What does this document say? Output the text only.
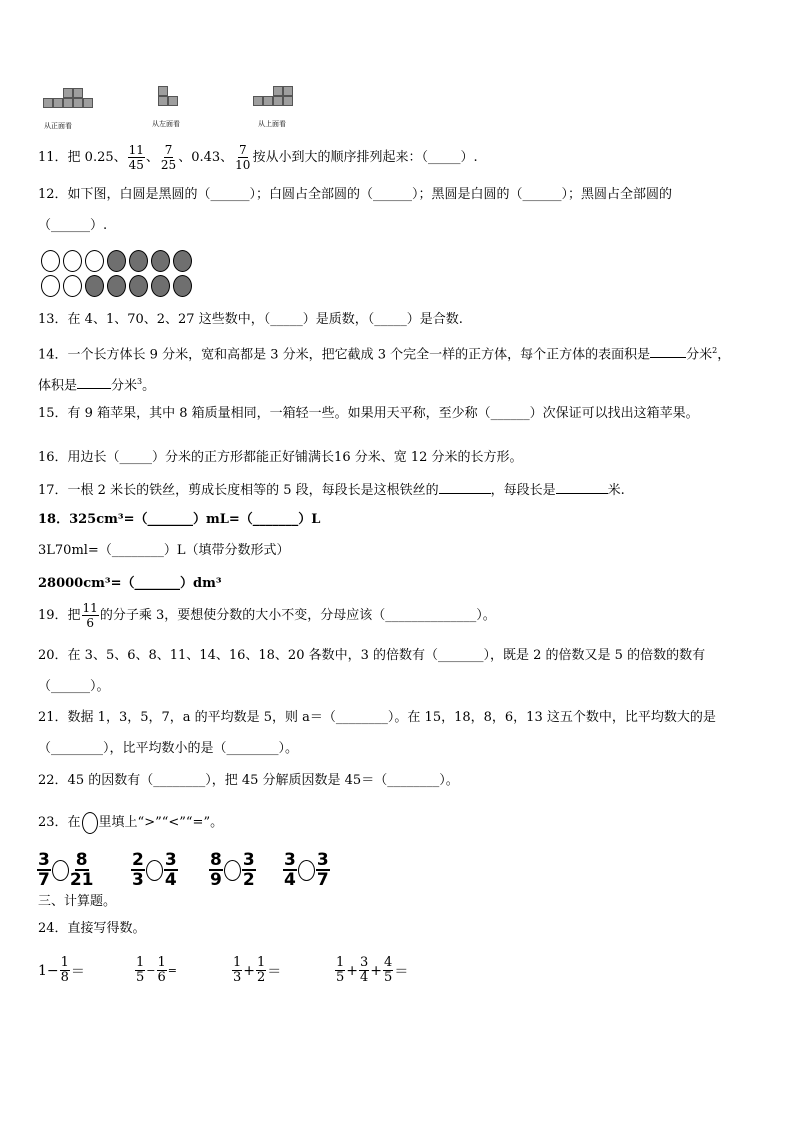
从正面看	从左面看	从上面看
11．把 0.25、 $\frac{11}{45}$ 、 $\frac{7}{25}$ 、0.43、 $\frac{7}{10}$ 按从小到大的顺序排列起来：（_____）.
12．如下图，白圆是黑圆的（______）；白圆占全部圆的（______）；黑圆是白圆的（______）；黑圆占全部圆的
（______）.
13．在 4、1、70、2、27 这些数中，（_____）是质数，（_____）是合数.
14．一个长方体长 9 分米，宽和高都是 3 分米，把它截成 3 个完全一样的正方体，每个正方体的表面积是	分米$^2$，
体积是	分米$^3$。
15．有 9 箱苹果，其中 8 箱质量相同，一箱轻一些。如果用天平称，至少称（______）次保证可以找出这箱苹果。
16．用边长（_____）分米的正方形都能正好铺满长16 分米、宽 12 分米的长方形。
17．一根 2 米长的铁丝，剪成长度相等的 5 段，每段长是这根铁丝的	，每段长是	米.
18．325cm³=（_______）mL=（_______）L
3L70ml=（________）L（填带分数形式）
28000cm³=（_______）dm³
19．把 $\frac{11}{6}$ 的分子乘 3，要想使分数的大小不变，分母应该（______________）。
20．在 3、5、6、8、11、14、16、18、20 各数中，3 的倍数有（_______），既是 2 的倍数又是 5 的倍数的数有
（______）。
21．数据 1，3，5，7，a 的平均数是 5，则 a＝（________）。在 15，18，8，6，13 这五个数中，比平均数大的是
（________），比平均数小的是（________）。
22．45 的因数有（________），把 45 分解质因数是 45＝（________）。
23．在 里填上“>”“<”“=”。
3
7
8
21
2
3
3
4
8
9
3
2
3
4
3
7
三、计算题。
24．直接写得数。
$1- \frac{1}{8}$ ＝	$\frac{1}{5} - \frac{1}{6}$ =	$\frac{1}{3} + \frac{1}{2}$ ＝	$\frac{1}{5} + \frac{3}{4} + \frac{4}{5}$ ＝
